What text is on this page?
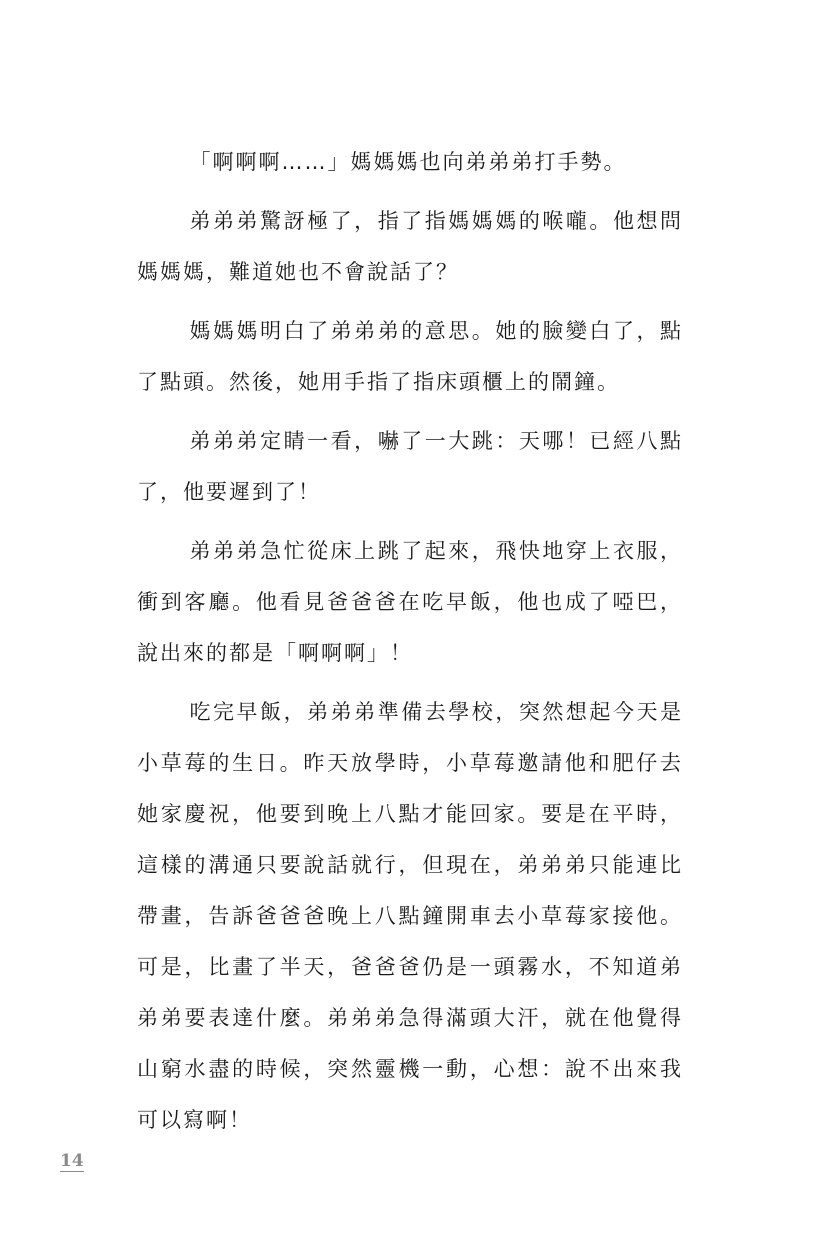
「啊啊啊……」媽媽媽也向弟弟弟打手勢。

弟弟弟驚訝極了，指了指媽媽媽的喉嚨。他想問媽媽媽，難道她也不會說話了？

媽媽媽明白了弟弟弟的意思。她的臉變白了，點了點頭。然後，她用手指了指床頭櫃上的鬧鐘。

弟弟弟定睛一看，嚇了一大跳：天哪！已經八點了，他要遲到了！

弟弟弟急忙從床上跳了起來，飛快地穿上衣服，衝到客廳。他看見爸爸爸在吃早飯，他也成了啞巴，說出來的都是「啊啊啊」！

吃完早飯，弟弟弟準備去學校，突然想起今天是小草莓的生日。昨天放學時，小草莓邀請他和肥仔去她家慶祝，他要到晚上八點才能回家。要是在平時，這樣的溝通只要說話就行，但現在，弟弟弟只能連比帶畫，告訴爸爸爸晚上八點鐘開車去小草莓家接他。可是，比畫了半天，爸爸爸仍是一頭霧水，不知道弟弟弟要表達什麼。弟弟弟急得滿頭大汗，就在他覺得山窮水盡的時候，突然靈機一動，心想：說不出來我可以寫啊！

14
